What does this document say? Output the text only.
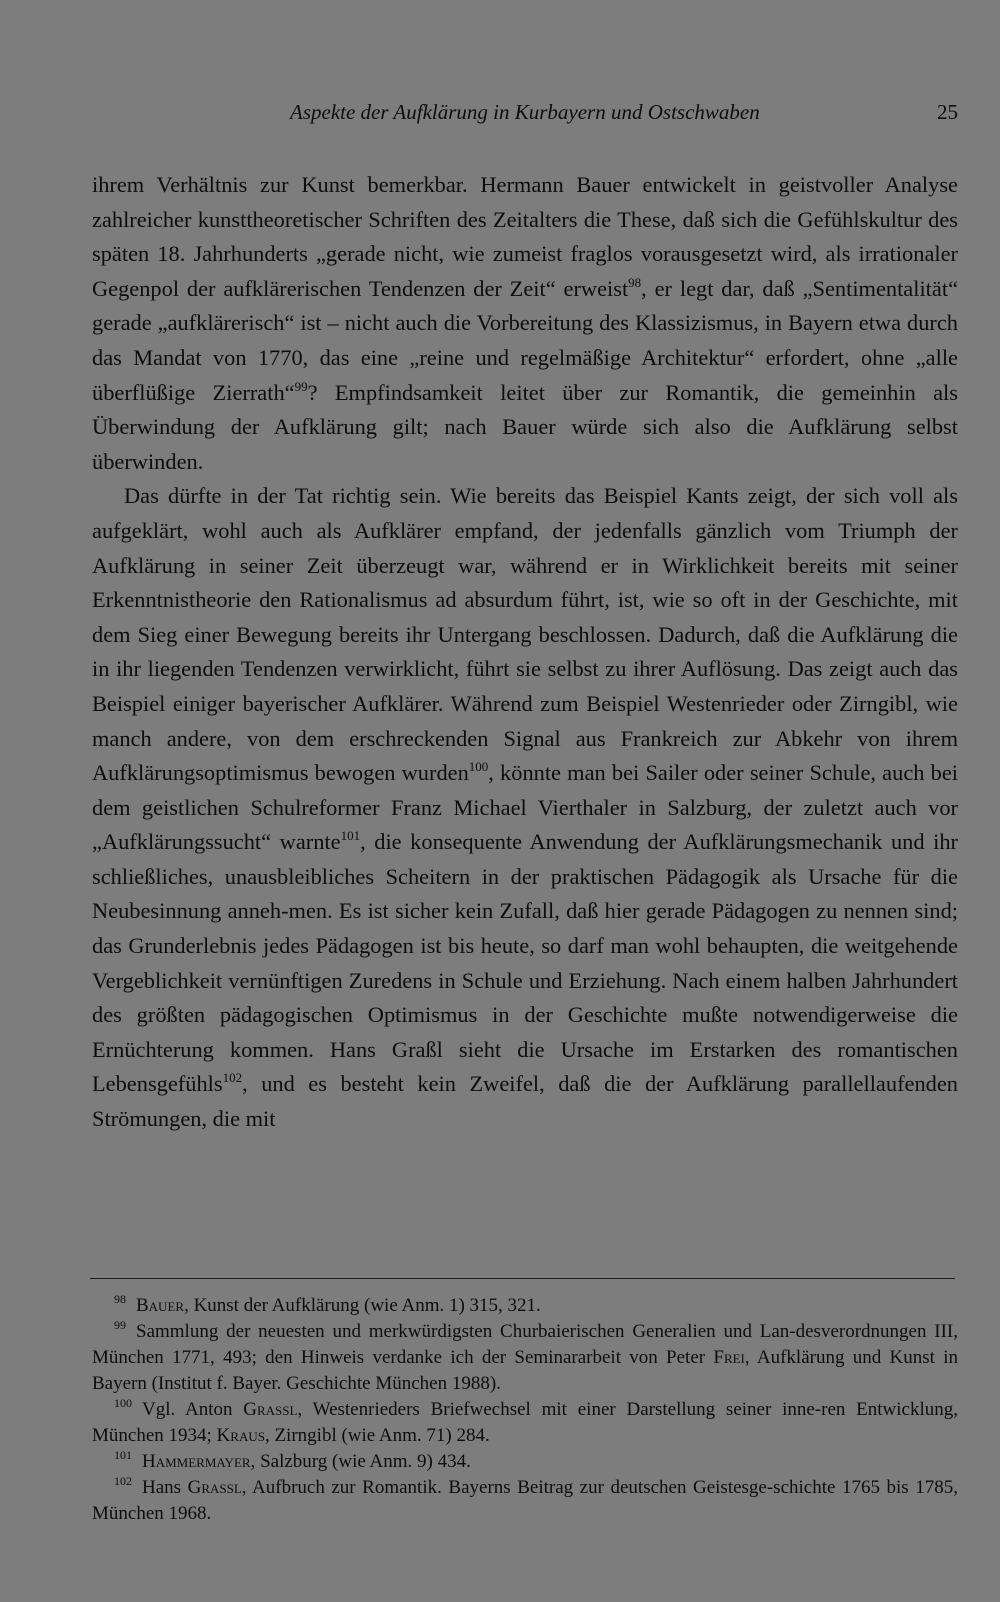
Aspekte der Aufklärung in Kurbayern und Ostschwaben	25

ihrem Verhältnis zur Kunst bemerkbar. Hermann Bauer entwickelt in geistvoller Analyse zahlreicher kunsttheoretischer Schriften des Zeitalters die These, daß sich die Gefühlskultur des späten 18. Jahrhunderts „gerade nicht, wie zumeist fraglos vorausgesetzt wird, als irrationaler Gegenpol der aufklärerischen Tendenzen der Zeit“ erweist$^{98}$, er legt dar, daß „Sentimentalität“ gerade „aufklärerisch“ ist – nicht auch die Vorbereitung des Klassizismus, in Bayern etwa durch das Mandat von 1770, das eine „reine und regelmäßige Architektur“ erfordert, ohne „alle überflüßige Zierrath“$^{99}$? Empfindsamkeit leitet über zur Romantik, die gemeinhin als Überwindung der Aufklärung gilt; nach Bauer würde sich also die Aufklärung selbst überwinden.

Das dürfte in der Tat richtig sein. Wie bereits das Beispiel Kants zeigt, der sich voll als aufgeklärt, wohl auch als Aufklärer empfand, der jedenfalls gänzlich vom Triumph der Aufklärung in seiner Zeit überzeugt war, während er in Wirklichkeit bereits mit seiner Erkenntnistheorie den Rationalismus ad absurdum führt, ist, wie so oft in der Geschichte, mit dem Sieg einer Bewegung bereits ihr Untergang beschlossen. Dadurch, daß die Aufklärung die in ihr liegenden Tendenzen verwirklicht, führt sie selbst zu ihrer Auflösung. Das zeigt auch das Beispiel einiger bayerischer Aufklärer. Während zum Beispiel Westenrieder oder Zirngibl, wie manch andere, von dem erschreckenden Signal aus Frankreich zur Abkehr von ihrem Aufklärungsoptimismus bewogen wurden$^{100}$, könnte man bei Sailer oder seiner Schule, auch bei dem geistlichen Schulreformer Franz Michael Vierthaler in Salzburg, der zuletzt auch vor „Aufklärungssucht“ warnte$^{101}$, die konsequente Anwendung der Aufklärungsmechanik und ihr schließliches, unausbleibliches Scheitern in der praktischen Pädagogik als Ursache für die Neubesinnung anneh-men. Es ist sicher kein Zufall, daß hier gerade Pädagogen zu nennen sind; das Grunderlebnis jedes Pädagogen ist bis heute, so darf man wohl behaupten, die weitgehende Vergeblichkeit vernünftigen Zuredens in Schule und Erziehung. Nach einem halben Jahrhundert des größten pädagogischen Optimismus in der Geschichte mußte notwendigerweise die Ernüchterung kommen. Hans Graßl sieht die Ursache im Erstarken des romantischen Lebensgefühls$^{102}$, und es besteht kein Zweifel, daß die der Aufklärung parallellaufenden Strömungen, die mit

$^{98}$ Bauer, Kunst der Aufklärung (wie Anm. 1) 315, 321.

$^{99}$ Sammlung der neuesten und merkwürdigsten Churbaierischen Generalien und Lan-desverordnungen III, München 1771, 493; den Hinweis verdanke ich der Seminararbeit von Peter Frei, Aufklärung und Kunst in Bayern (Institut f. Bayer. Geschichte München 1988).

$^{100}$ Vgl. Anton Grassl, Westenrieders Briefwechsel mit einer Darstellung seiner inne-ren Entwicklung, München 1934; Kraus, Zirngibl (wie Anm. 71) 284.

$^{101}$ Hammermayer, Salzburg (wie Anm. 9) 434.

$^{102}$ Hans Grassl, Aufbruch zur Romantik. Bayerns Beitrag zur deutschen Geistesge-schichte 1765 bis 1785, München 1968.
